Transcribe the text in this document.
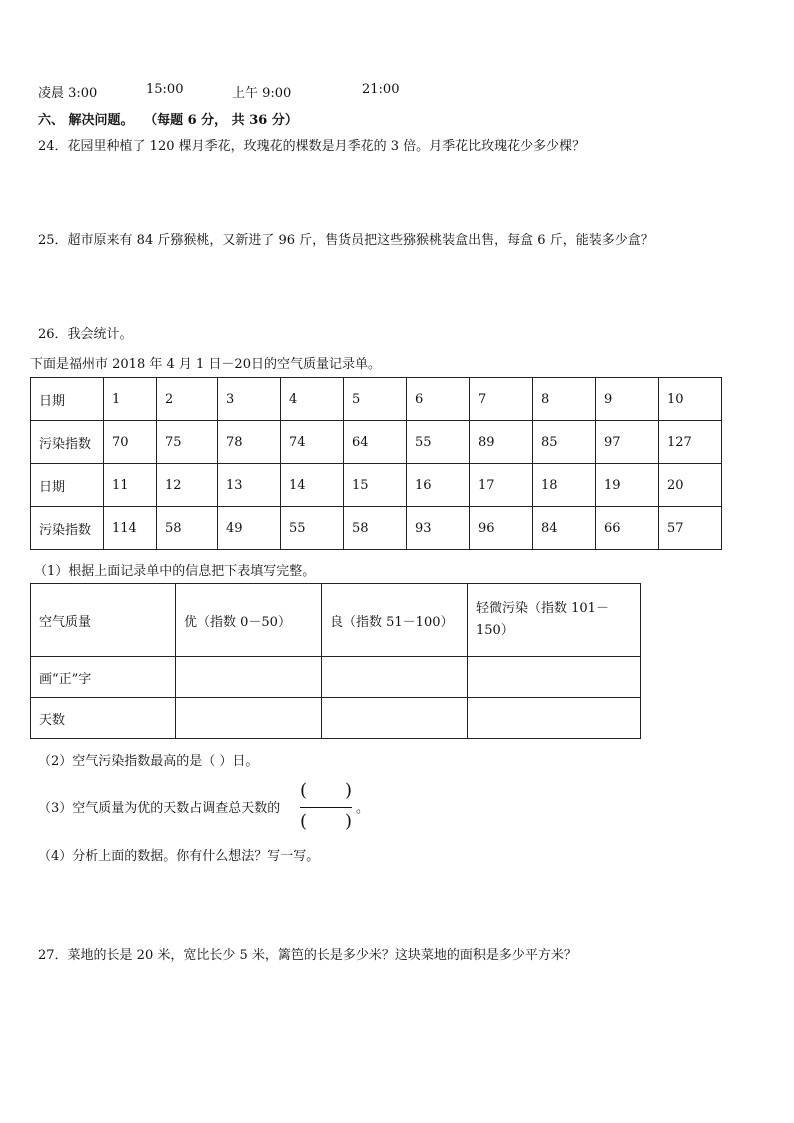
凌晨 3:00	15:00	上午 9:00	21:00
六、 解决问题。 （每题 6 分， 共 36 分）
24．花园里种植了 120 棵月季花，玫瑰花的棵数是月季花的 3 倍。月季花比玫瑰花少多少棵？
25．超市原来有 84 斤猕猴桃，又新进了 96 斤，售货员把这些猕猴桃装盒出售，每盒 6 斤，能装多少盒？
26．我会统计。
下面是福州市 2018 年 4 月 1 日－20日的空气质量记录单。
日期	1	2	3	4	5	6	7	8	9	10
污染指数	70	75	78	74	64	55	89	85	97	127
日期	11	12	13	14	15	16	17	18	19	20
污染指数	114	58	49	55	58	93	96	84	66	57
（1）根据上面记录单中的信息把下表填写完整。
空气质量	优（指数 0－50）	良（指数 51－100）	轻微污染（指数 101－150）
画“正”字			
天数			
（2）空气污染指数最高的是（ ）日。
（3）空气质量为优的天数占调查总天数的
( )
( )
。
（4）分析上面的数据。你有什么想法？写一写。
27．菜地的长是 20 米，宽比长少 5 米，篱笆的长是多少米？这块菜地的面积是多少平方米？
